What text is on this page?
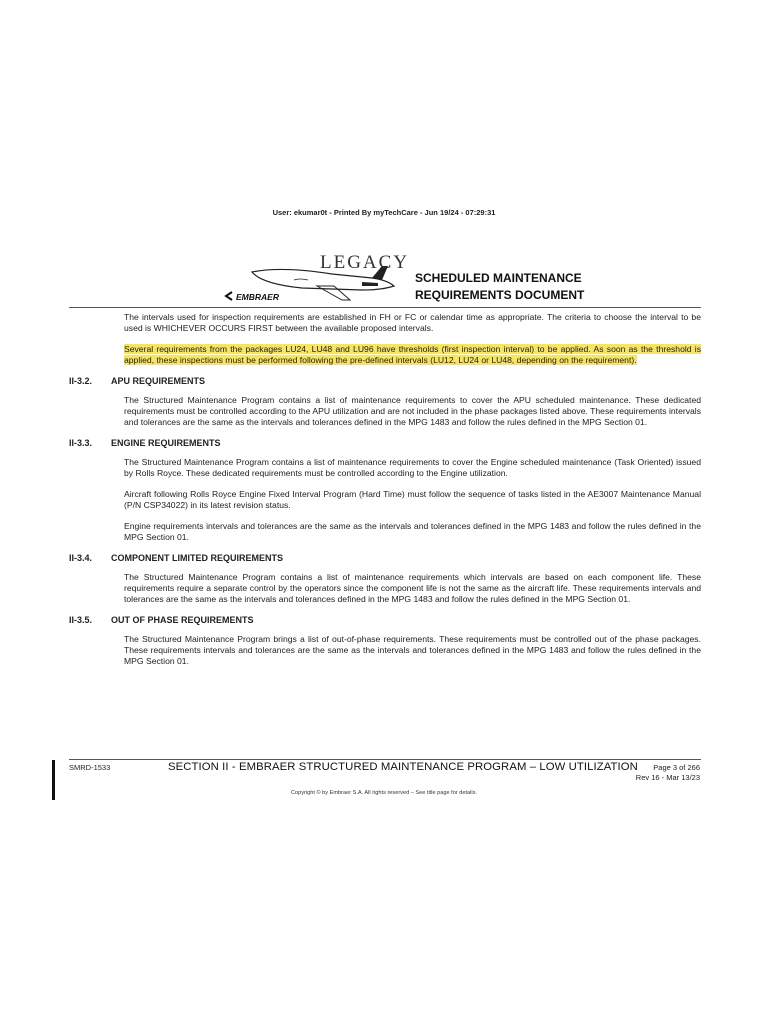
User: ekumar0t - Printed By myTechCare - Jun 19/24 - 07:29:31
EMBRAER
LEGACY
SCHEDULED MAINTENANCE
REQUIREMENTS DOCUMENT

The intervals used for inspection requirements are established in FH or FC or calendar time as appropriate. The criteria to choose the interval to be used is WHICHEVER OCCURS FIRST between the available proposed intervals.

Several requirements from the packages LU24, LU48 and LU96 have thresholds (first inspection interval) to be applied. As soon as the threshold is applied, these inspections must be performed following the pre-defined intervals (LU12, LU24 or LU48, depending on the requirement).

II-3.2. APU REQUIREMENTS

The Structured Maintenance Program contains a list of maintenance requirements to cover the APU scheduled maintenance. These dedicated requirements must be controlled according to the APU utilization and are not included in the phase packages listed above. These requirements intervals and tolerances are the same as the intervals and tolerances defined in the MPG 1483 and follow the rules defined in the MPG Section 01.

II-3.3. ENGINE REQUIREMENTS

The Structured Maintenance Program contains a list of maintenance requirements to cover the Engine scheduled maintenance (Task Oriented) issued by Rolls Royce. These dedicated requirements must be controlled according to the Engine utilization.

Aircraft following Rolls Royce Engine Fixed Interval Program (Hard Time) must follow the sequence of tasks listed in the AE3007 Maintenance Manual (P/N CSP34022) in its latest revision status.

Engine requirements intervals and tolerances are the same as the intervals and tolerances defined in the MPG 1483 and follow the rules defined in the MPG Section 01.

II-3.4. COMPONENT LIMITED REQUIREMENTS

The Structured Maintenance Program contains a list of maintenance requirements which intervals are based on each component life. These requirements require a separate control by the operators since the component life is not the same as the aircraft life. These requirements intervals and tolerances are the same as the intervals and tolerances defined in the MPG 1483 and follow the rules defined in the MPG Section 01.

II-3.5. OUT OF PHASE REQUIREMENTS

The Structured Maintenance Program brings a list of out-of-phase requirements. These requirements must be controlled out of the phase packages. These requirements intervals and tolerances are the same as the intervals and tolerances defined in the MPG 1483 and follow the rules defined in the MPG Section 01.

SMRD-1533	SECTION II - EMBRAER STRUCTURED MAINTENANCE PROGRAM – LOW UTILIZATION	Page 3 of 266
Rev 16 - Mar 13/23
Copyright © by Embraer S.A. All rights reserved – See title page for details.
